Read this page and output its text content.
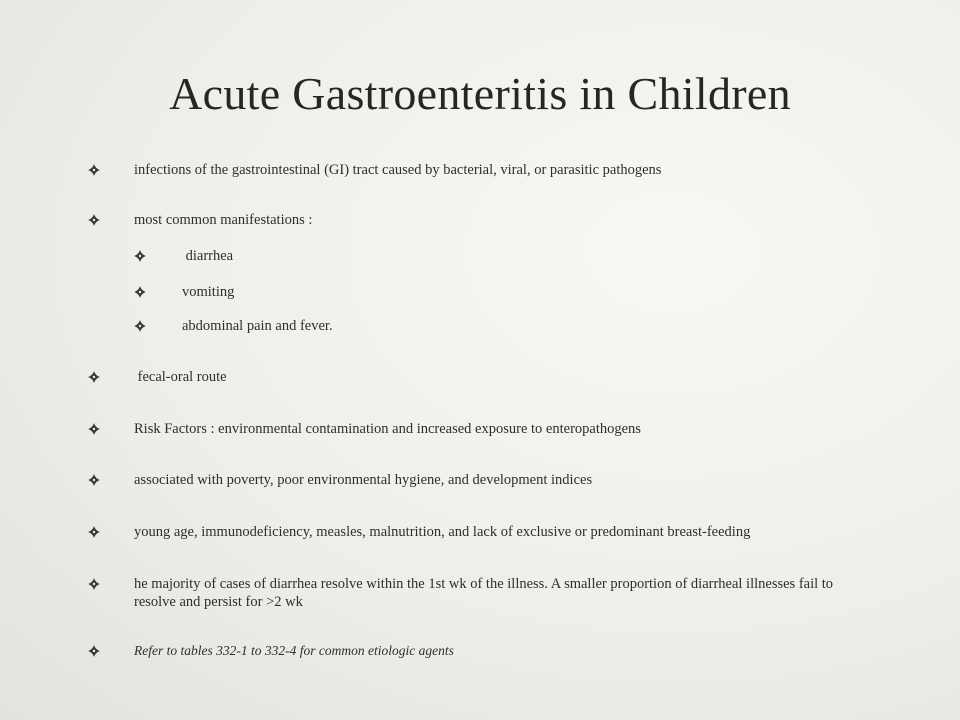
Acute Gastroenteritis in Children
infections of the gastrointestinal (GI) tract caused by bacterial, viral, or parasitic pathogens
most common manifestations :
diarrhea
vomiting
abdominal pain and fever.
fecal-oral route
Risk Factors : environmental contamination and increased exposure to enteropathogens
associated with poverty, poor environmental hygiene, and development indices
young age, immunodeficiency, measles, malnutrition, and lack of exclusive or predominant breast-feeding
he majority of cases of diarrhea resolve within the 1st wk of the illness. A smaller proportion of diarrheal illnesses fail to resolve and persist for >2 wk
Refer to tables 332-1 to 332-4 for common etiologic agents
